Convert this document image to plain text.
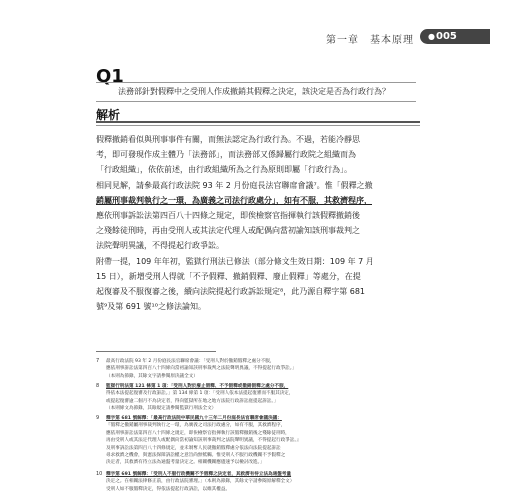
第一章　基本原理	●005
Q1
法務部針對假釋中之受刑人作成撤銷其假釋之決定，該決定是否為行政行為？
解析

假釋撤銷看似與刑事事件有關，而無法認定為行政行為。不過，若能冷靜思

考，即可發現作成主體乃「法務部」，而法務部又係歸屬行政院之組織而為

「行政組織」，依依前述，由行政組織所為之行為原則即屬「行政行為」。

相同見解，請參最高行政法院 93 年 2 月份庭長法官聯席會議⁷。惟「假釋之撤

銷屬刑事裁判執行之一環，為廣義之司法行政處分」，如有不服，其救濟程序，

應依刑事訴訟法第四百八十四條之規定，即俟檢察官指揮執行該假釋撤銷後

之殘餘徒刑時，再由受刑人或其法定代理人或配偶向當初諭知該刑事裁判之

法院聲明異議，不得提起行政爭訟。

附帶一提，109 年年初，監獄行刑法已修法（部分條文生效日期：109 年 7 月

15 日），新增受刑人得就「不予假釋、撤銷假釋、廢止假釋」等處分，在提

起復審及不服復審之後，續向法院提起行政訴訟規定⁸，此乃源自釋字第 681

號⁹及第 691 號¹⁰之修法論知。

7 最高行政法院 93 年 2 月份庭長法官聯席會議：「受刑人對於撤銷假釋之處分不服，
應依刑事訴訟法第四百八十四條向當初諭知該刑事裁判之法院聲明異議，不得提起行政爭訟。」
（本則為節錄，其餘文字請參閱原決議全文）
8 監獄行刑法第 121 條第 1 項：「受刑人對於廢止假釋、不予假釋或撤銷假釋之處分不服，
得依本法提起復審及行政訴訟。」第 134 條第 1 項：「受刑人依本法提起復審而不服其決定，
或提起復審逾二個月不為決定者，得向監獄所在地之地方法院行政訴訟庭提起訴訟。」
（本則條文為節錄，其餘規定請參閱監獄行刑法全文）
9 釋字第 681 號解釋：「最高行政法院中華民國九十三年二月份庭長法官聯席會議決議：
『假釋之撤銷屬刑事裁判執行之一環，為廣義之司法行政處分，如有不服，其救濟程序，
應依刑事訴訟法第四百八十四條之規定，即俟檢察官指揮執行該假釋撤銷後之殘餘徒刑時，
再由受刑人或其法定代理人或配偶向當初諭知該刑事裁判之法院聲明異議，不得提起行政爭訟。』
及刑事訴訟法第四百八十四條規定，並未剝奪人民就撤銷假釋處分依法向法院提起訴訟
尋求救濟之機會，與憲法保障訴訟權之意旨尚無牴觸。惟受刑人不服行政機關不予假釋之
決定者，其救濟有待立法為通盤考量決定之。相關機關應儘速予以檢討改進。」
10 釋字第 691 號解釋：「受刑人不服行政機關不予假釋之決定者，其救濟有待立法為通盤考量
決定之。在相關法律修正前，由行政法院審理。」（本則為節錄，其餘文字請參閱原解釋全文）
受刑人如不服假釋決定，得依法提起行政訴訟，以維其權益。
